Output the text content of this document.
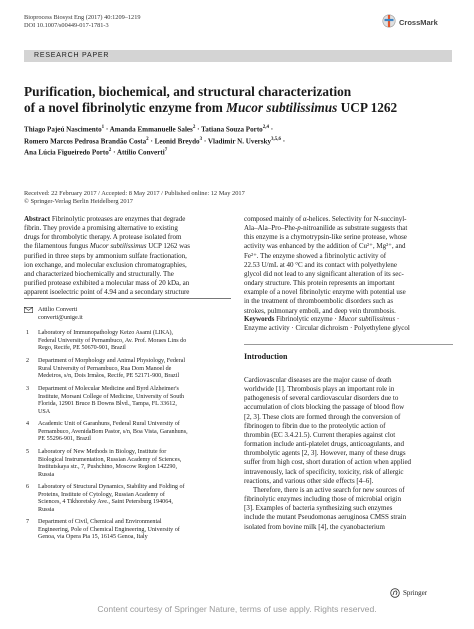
Bioprocess Biosyst Eng (2017) 40:1209–1219
DOI 10.1007/s00449-017-1781-3	CrossMark
RESEARCH PAPER
Purification, biochemical, and structural characterization
of a novel fibrinolytic enzyme from Mucor subtilissimus UCP 1262
Thiago Pajeú Nascimento$^1$ · Amanda Emmanuelle Sales$^2$ · Tatiana Souza Porto$^{2,4}$ ·
Romero Marcos Pedrosa Brandão Costa$^2$ · Leonid Breydo$^3$ · Vladimir N. Uversky$^{3,5,6}$ ·
Ana Lúcia Figueiredo Porto$^2$ · Attilio Converti$^7$
Received: 22 February 2017 / Accepted: 8 May 2017 / Published online: 12 May 2017
© Springer-Verlag Berlin Heidelberg 2017
Abstract Fibrinolytic proteases are enzymes that degrade
fibrin. They provide a promising alternative to existing
drugs for thrombolytic therapy. A protease isolated from
the filamentous fungus Mucor subtilissimus UCP 1262 was
purified in three steps by ammonium sulfate fractionation,
ion exchange, and molecular exclusion chromatographies,
and characterized biochemically and structurally. The
purified protease exhibited a molecular mass of 20 kDa, an
apparent isoelectric point of 4.94 and a secondary structure
composed mainly of α-helices. Selectivity for N-succinyl-
Ala–Ala–Pro–Phe-p-nitroanilide as substrate suggests that
this enzyme is a chymotrypsin-like serine protease, whose
activity was enhanced by the addition of Cu²⁺, Mg²⁺, and
Fe²⁺. The enzyme showed a fibrinolytic activity of
22.53 U/mL at 40 °C and its contact with polyethylene
glycol did not lead to any significant alteration of its sec-
ondary structure. This protein represents an important
example of a novel fibrinolytic enzyme with potential use
in the treatment of thromboembolic disorders such as
strokes, pulmonary emboli, and deep vein thrombosis.
Attilio Converti
converti@unige.it
1 Laboratory of Immunopathology Keizo Asami (LIKA),
Federal University of Pernambuco, Av. Prof. Moraes Lins do
Rego, Recife, PE 50670-901, Brazil
2 Department of Morphology and Animal Physiology, Federal
Rural University of Pernambuco, Rua Dom Manoel de
Medeiros, s/n, Dois Irmãos, Recife, PE 52171-900, Brazil
3 Department of Molecular Medicine and Byrd Alzheimer's
Institute, Morsani College of Medicine, University of South
Florida, 12901 Bruce B Downs Blvd., Tampa, FL 33612,
USA
4 Academic Unit of Garanhuns, Federal Rural University of
Pernambuco, AvenidaBom Pastor, s/n, Boa Vista, Garanhuns,
PE 55296-901, Brazil
5 Laboratory of New Methods in Biology, Institute for
Biological Instrumentation, Russian Academy of Sciences,
Institutskaya str., 7, Pushchino, Moscow Region 142290,
Russia
6 Laboratory of Structural Dynamics, Stability and Folding of
Proteins, Institute of Cytology, Russian Academy of
Sciences, 4 Tikhoretsky Ave., Saint Petersburg 194064,
Russia
7 Department of Civil, Chemical and Environmental
Engineering, Pole of Chemical Engineering, University of
Genoa, via Opera Pia 15, 16145 Genoa, Italy
Keywords Fibrinolytic enzyme · Mucor subtilissimus ·
Enzyme activity · Circular dichroism · Polyethylene glycol
Introduction

Cardiovascular diseases are the major cause of death
worldwide [1]. Thrombosis plays an important role in
pathogenesis of several cardiovascular disorders due to
accumulation of clots blocking the passage of blood flow
[2, 3]. These clots are formed through the conversion of
fibrinogen to fibrin due to the proteolytic action of
thrombin (EC 3.4.21.5). Current therapies against clot
formation include anti-platelet drugs, anticoagulants, and
thrombolytic agents [2, 3]. However, many of these drugs
suffer from high cost, short duration of action when applied
intravenously, lack of specificity, toxicity, risk of allergic
reactions, and various other side effects [4–6].

Therefore, there is an active search for new sources of
fibrinolytic enzymes including those of microbial origin
[3]. Examples of bacteria synthesizing such enzymes
include the mutant Pseudomonas aeruginosa CMSS strain
isolated from bovine milk [4], the cyanobacterium

Springer
Content courtesy of Springer Nature, terms of use apply. Rights reserved.
